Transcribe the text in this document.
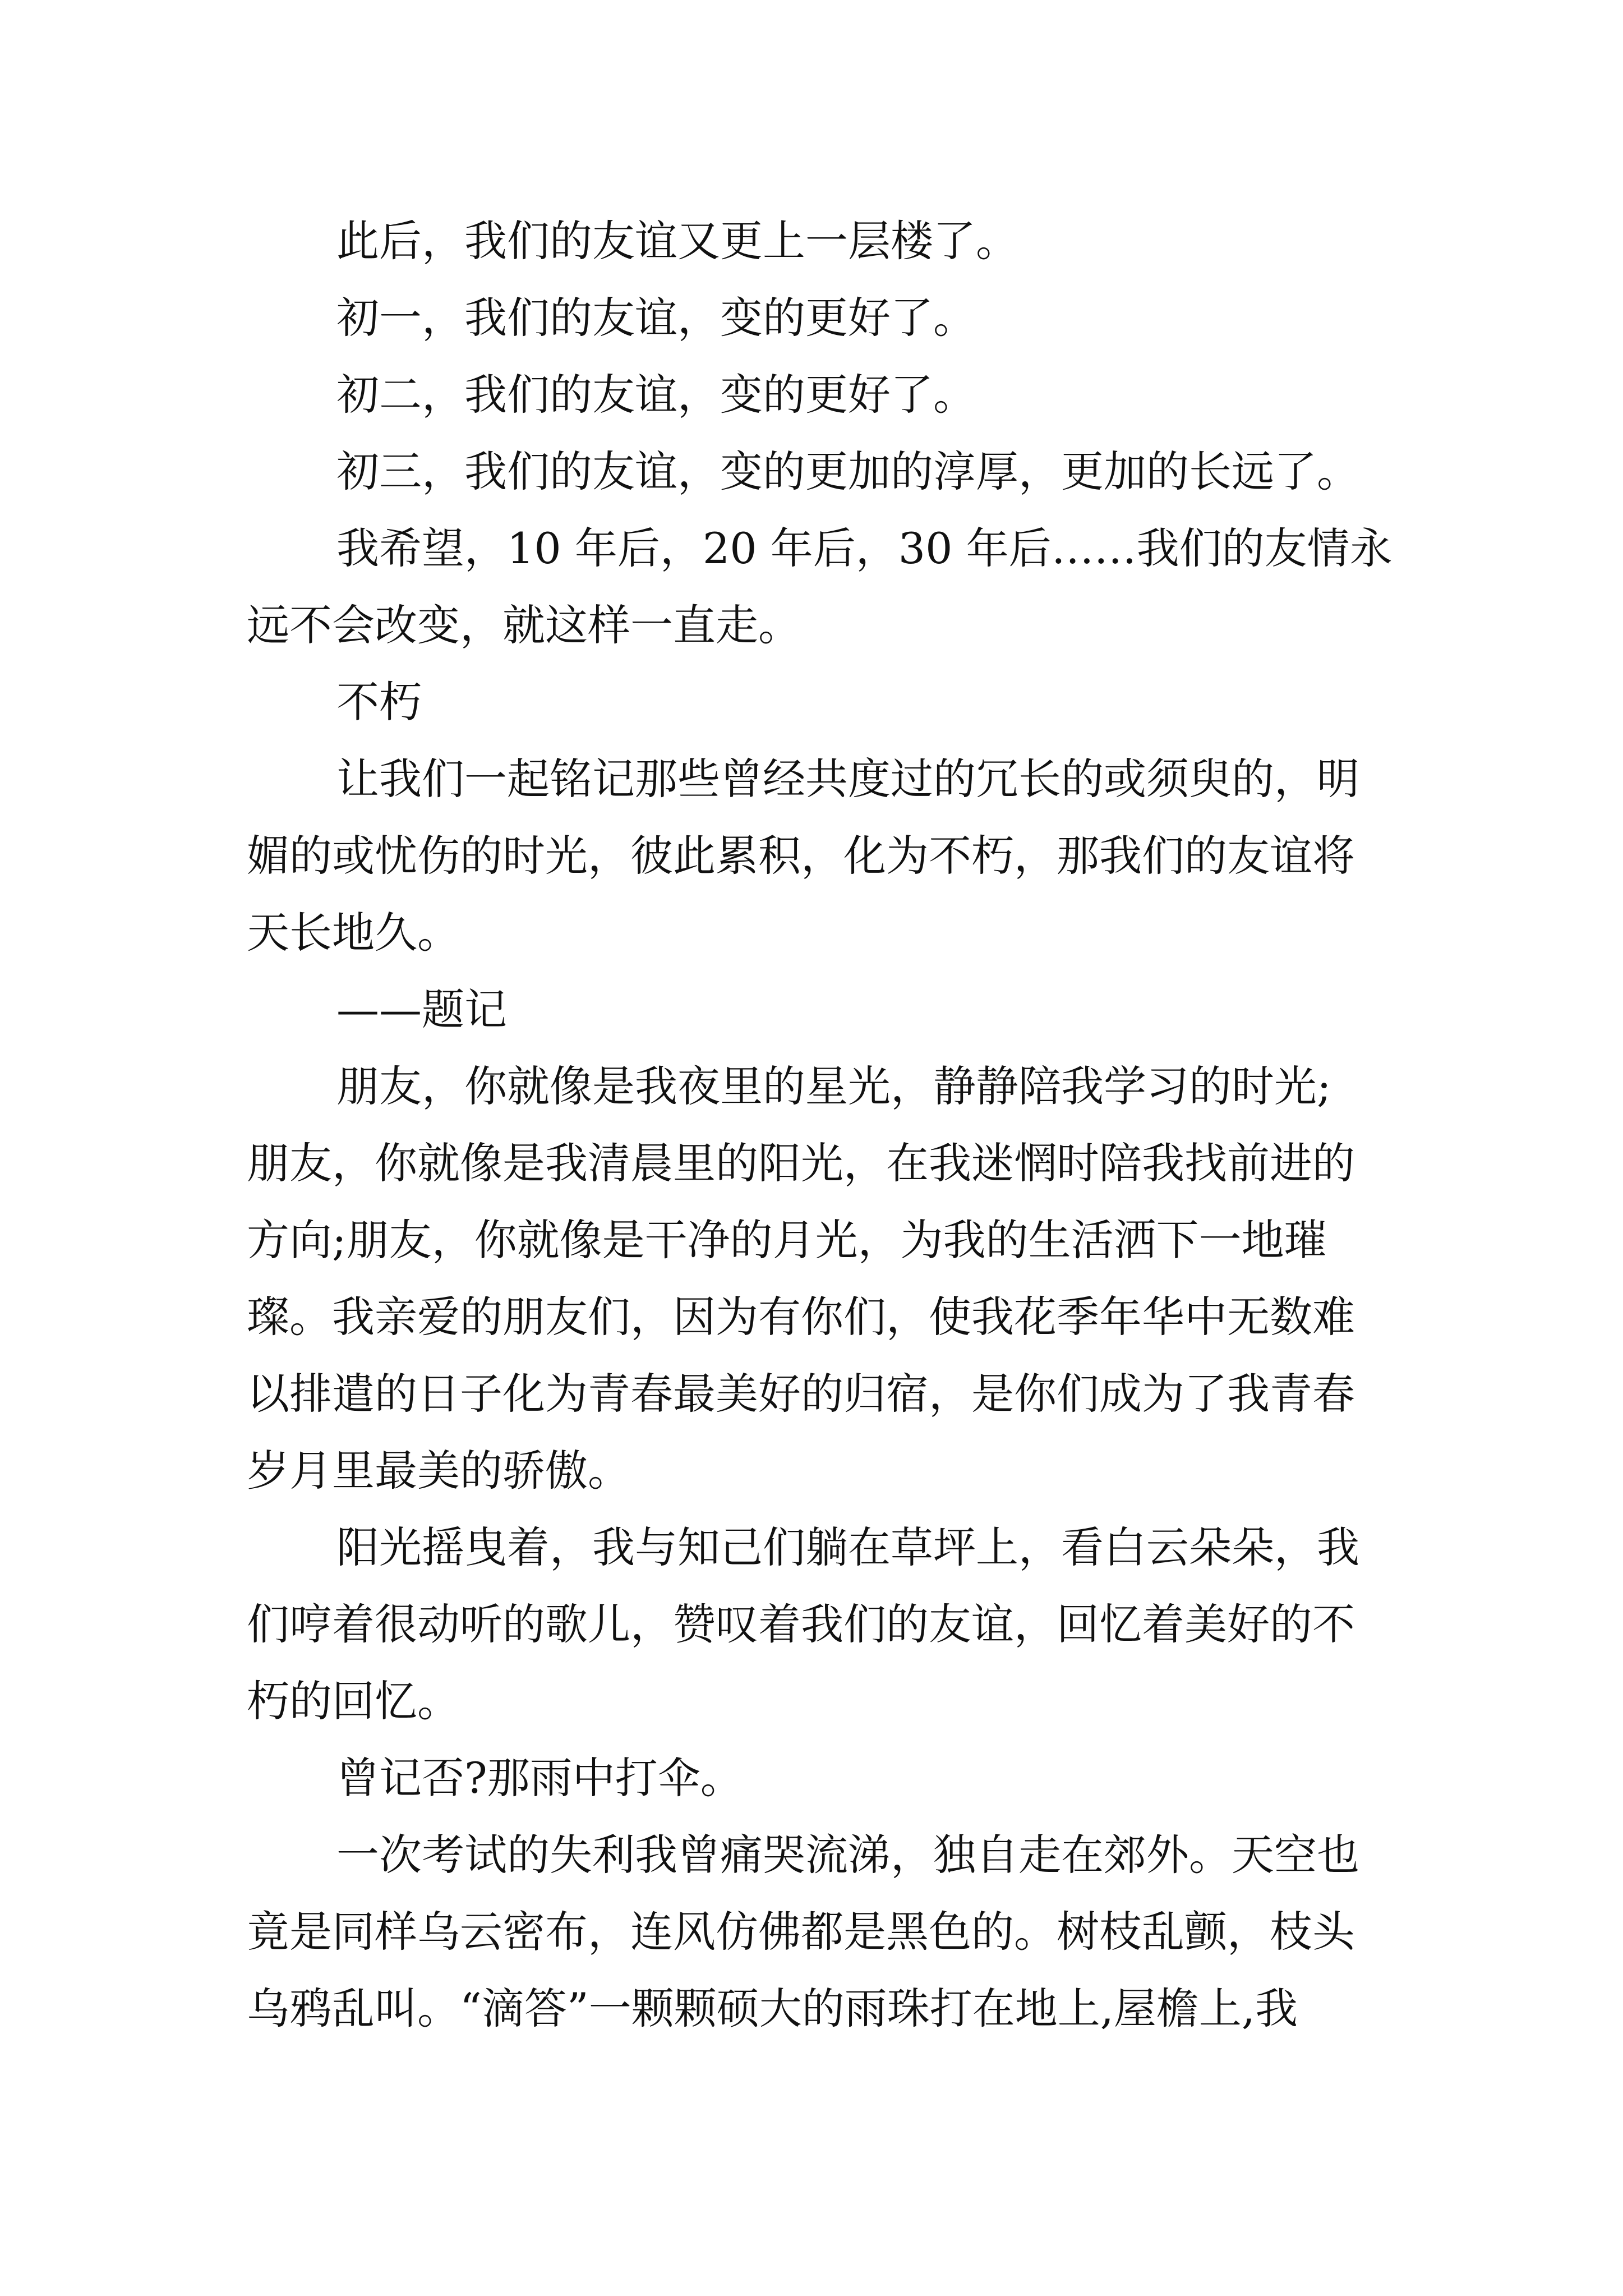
此后，我们的友谊又更上一层楼了。
初一，我们的友谊，变的更好了。
初二，我们的友谊，变的更好了。
初三，我们的友谊，变的更加的淳厚，更加的长远了。
我希望，10 年后，20 年后，30 年后……我们的友情永
远不会改变，就这样一直走。
不朽
让我们一起铭记那些曾经共度过的冗长的或须臾的，明
媚的或忧伤的时光，彼此累积，化为不朽，那我们的友谊将
天长地久。
——题记
朋友，你就像是我夜里的星光，静静陪我学习的时光;
朋友，你就像是我清晨里的阳光，在我迷惘时陪我找前进的
方向;朋友，你就像是干净的月光，为我的生活洒下一地璀
璨。我亲爱的朋友们，因为有你们，使我花季年华中无数难
以排遣的日子化为青春最美好的归宿，是你们成为了我青春
岁月里最美的骄傲。
阳光摇曳着，我与知己们躺在草坪上，看白云朵朵，我
们哼着很动听的歌儿，赞叹着我们的友谊，回忆着美好的不
朽的回忆。
曾记否?那雨中打伞。
一次考试的失利我曾痛哭流涕，独自走在郊外。天空也
竟是同样乌云密布，连风仿佛都是黑色的。树枝乱颤，枝头
乌鸦乱叫。“滴答”一颗颗硕大的雨珠打在地上,屋檐上,我
